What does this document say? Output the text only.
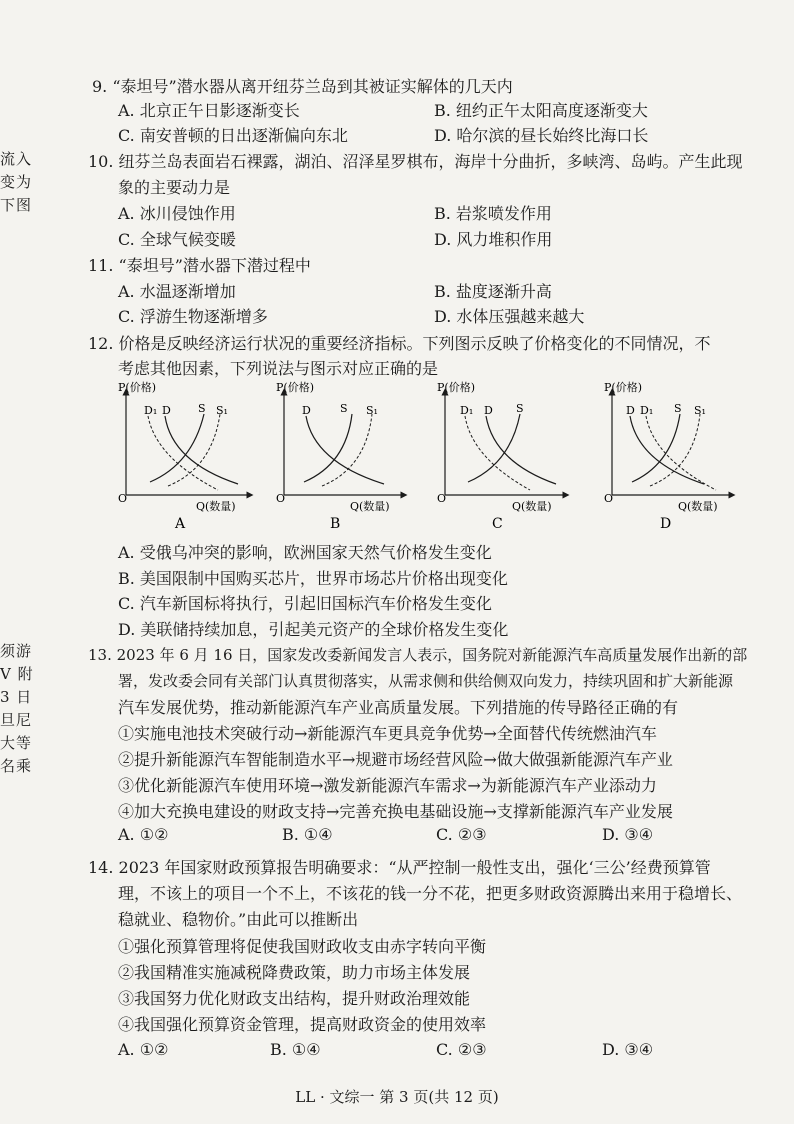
流入
变为
下图
须游
V 附
3 日
旦尼
大等
名乘
9. “泰坦号”潜水器从离开纽芬兰岛到其被证实解体的几天内
A. 北京正午日影逐渐变长	B. 纽约正午太阳高度逐渐变大
C. 南安普顿的日出逐渐偏向东北	D. 哈尔滨的昼长始终比海口长
10. 纽芬兰岛表面岩石裸露，湖泊、沼泽星罗棋布，海岸十分曲折，多峡湾、岛屿。产生此现
象的主要动力是
A. 冰川侵蚀作用	B. 岩浆喷发作用
C. 全球气候变暖	D. 风力堆积作用
11. “泰坦号”潜水器下潜过程中
A. 水温逐渐增加	B. 盐度逐渐升高
C. 浮游生物逐渐增多	D. 水体压强越来越大
12. 价格是反映经济运行状况的重要经济指标。下列图示反映了价格变化的不同情况，不
考虑其他因素，下列说法与图示对应正确的是
P(价格)
O
Q(数量)
D₁ D S S₁
A
P(价格)
O
Q(数量)
D	S S₁
B
P(价格)
O
Q(数量)
D₁ D S
C
P(价格)
O
Q(数量)
D D₁ S S₁
D
A. 受俄乌冲突的影响，欧洲国家天然气价格发生变化
B. 美国限制中国购买芯片，世界市场芯片价格出现变化
C. 汽车新国标将执行，引起旧国标汽车价格发生变化
D. 美联储持续加息，引起美元资产的全球价格发生变化
13. 2023 年 6 月 16 日，国家发改委新闻发言人表示，国务院对新能源汽车高质量发展作出新的部
署，发改委会同有关部门认真贯彻落实，从需求侧和供给侧双向发力，持续巩固和扩大新能源
汽车发展优势，推动新能源汽车产业高质量发展。下列措施的传导路径正确的有
①实施电池技术突破行动→新能源汽车更具竞争优势→全面替代传统燃油汽车
②提升新能源汽车智能制造水平→规避市场经营风险→做大做强新能源汽车产业
③优化新能源汽车使用环境→激发新能源汽车需求→为新能源汽车产业添动力
④加大充换电建设的财政支持→完善充换电基础设施→支撑新能源汽车产业发展
A. ①②	B. ①④	C. ②③	D. ③④
14. 2023 年国家财政预算报告明确要求：“从严控制一般性支出，强化‘三公’经费预算管
理，不该上的项目一个不上，不该花的钱一分不花，把更多财政资源腾出来用于稳增长、
稳就业、稳物价。”由此可以推断出
①强化预算管理将促使我国财政收支由赤字转向平衡
②我国精准实施减税降费政策，助力市场主体发展
③我国努力优化财政支出结构，提升财政治理效能
④我国强化预算资金管理，提高财政资金的使用效率
A. ①②	B. ①④	C. ②③	D. ③④
LL · 文综一 第 3 页(共 12 页)
